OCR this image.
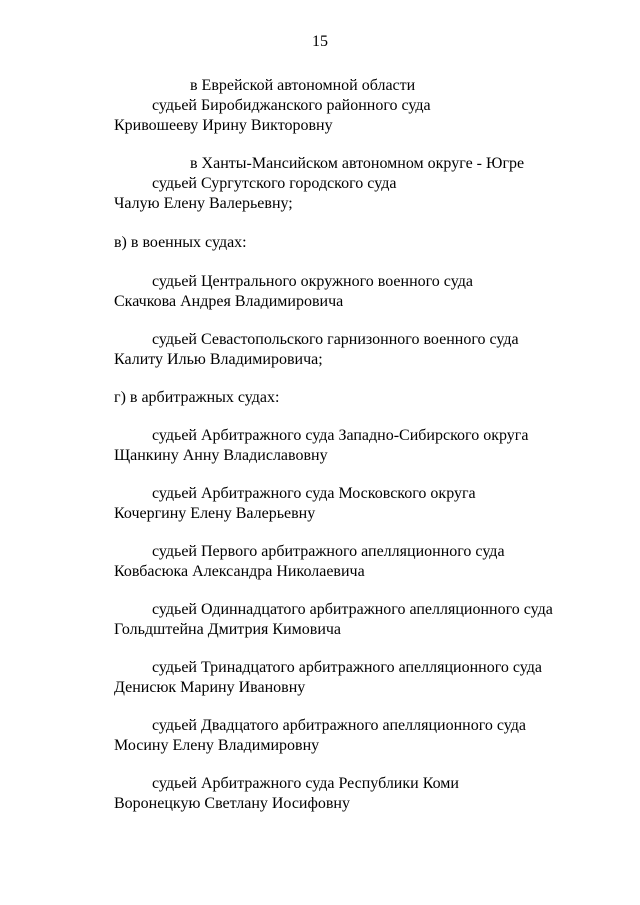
15
в Еврейской автономной области
судьей Биробиджанского районного суда
Кривошееву Ирину Викторовну
в Ханты-Мансийском автономном округе - Югре
судьей Сургутского городского суда
Чалую Елену Валерьевну;
в) в военных судах:
судьей Центрального окружного военного суда
Скачкова Андрея Владимировича
судьей Севастопольского гарнизонного военного суда
Калиту Илью Владимировича;
г) в арбитражных судах:
судьей Арбитражного суда Западно-Сибирского округа
Щанкину Анну Владиславовну
судьей Арбитражного суда Московского округа
Кочергину Елену Валерьевну
судьей Первого арбитражного апелляционного суда
Ковбасюка Александра Николаевича
судьей Одиннадцатого арбитражного апелляционного суда
Гольдштейна Дмитрия Кимовича
судьей Тринадцатого арбитражного апелляционного суда
Денисюк Марину Ивановну
судьей Двадцатого арбитражного апелляционного суда
Мосину Елену Владимировну
судьей Арбитражного суда Республики Коми
Воронецкую Светлану Иосифовну
